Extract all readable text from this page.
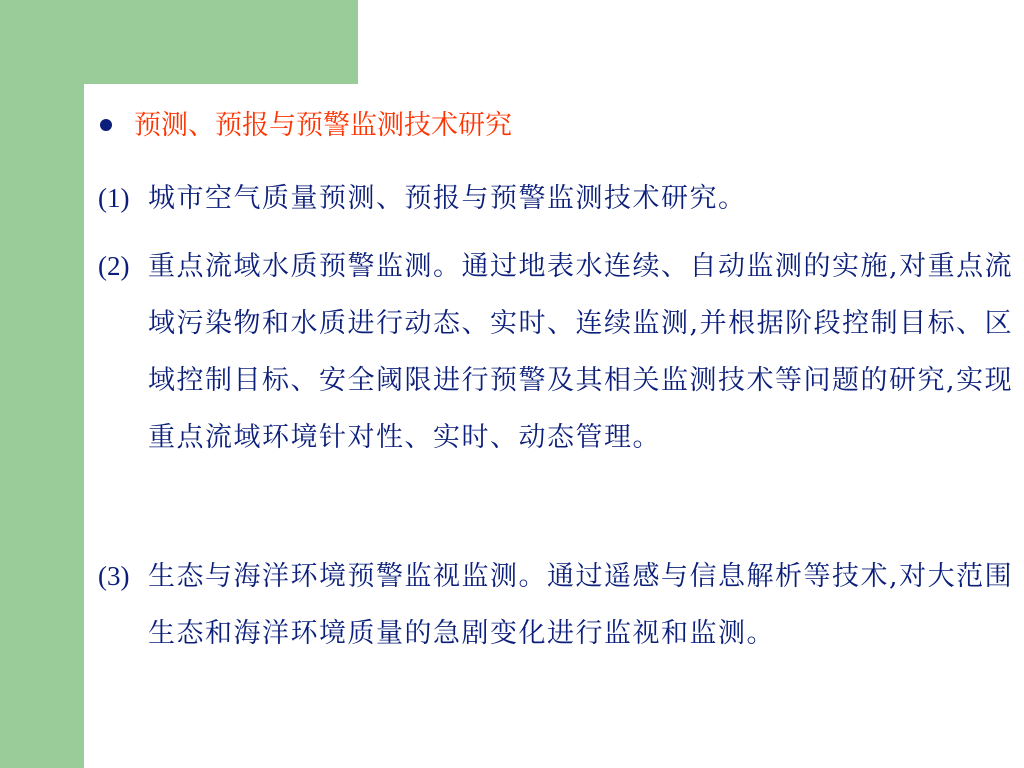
预测、预报与预警监测技术研究
(1) 城市空气质量预测、预报与预警监测技术研究。
(2) 重点流域水质预警监测。通过地表水连续、自动监测的实施,对重点流域污染物和水质进行动态、实时、连续监测,并根据阶段控制目标、区域控制目标、安全阈限进行预警及其相关监测技术等问题的研究,实现重点流域环境针对性、实时、动态管理。
(3) 生态与海洋环境预警监视监测。通过遥感与信息解析等技术,对大范围生态和海洋环境质量的急剧变化进行监视和监测。
